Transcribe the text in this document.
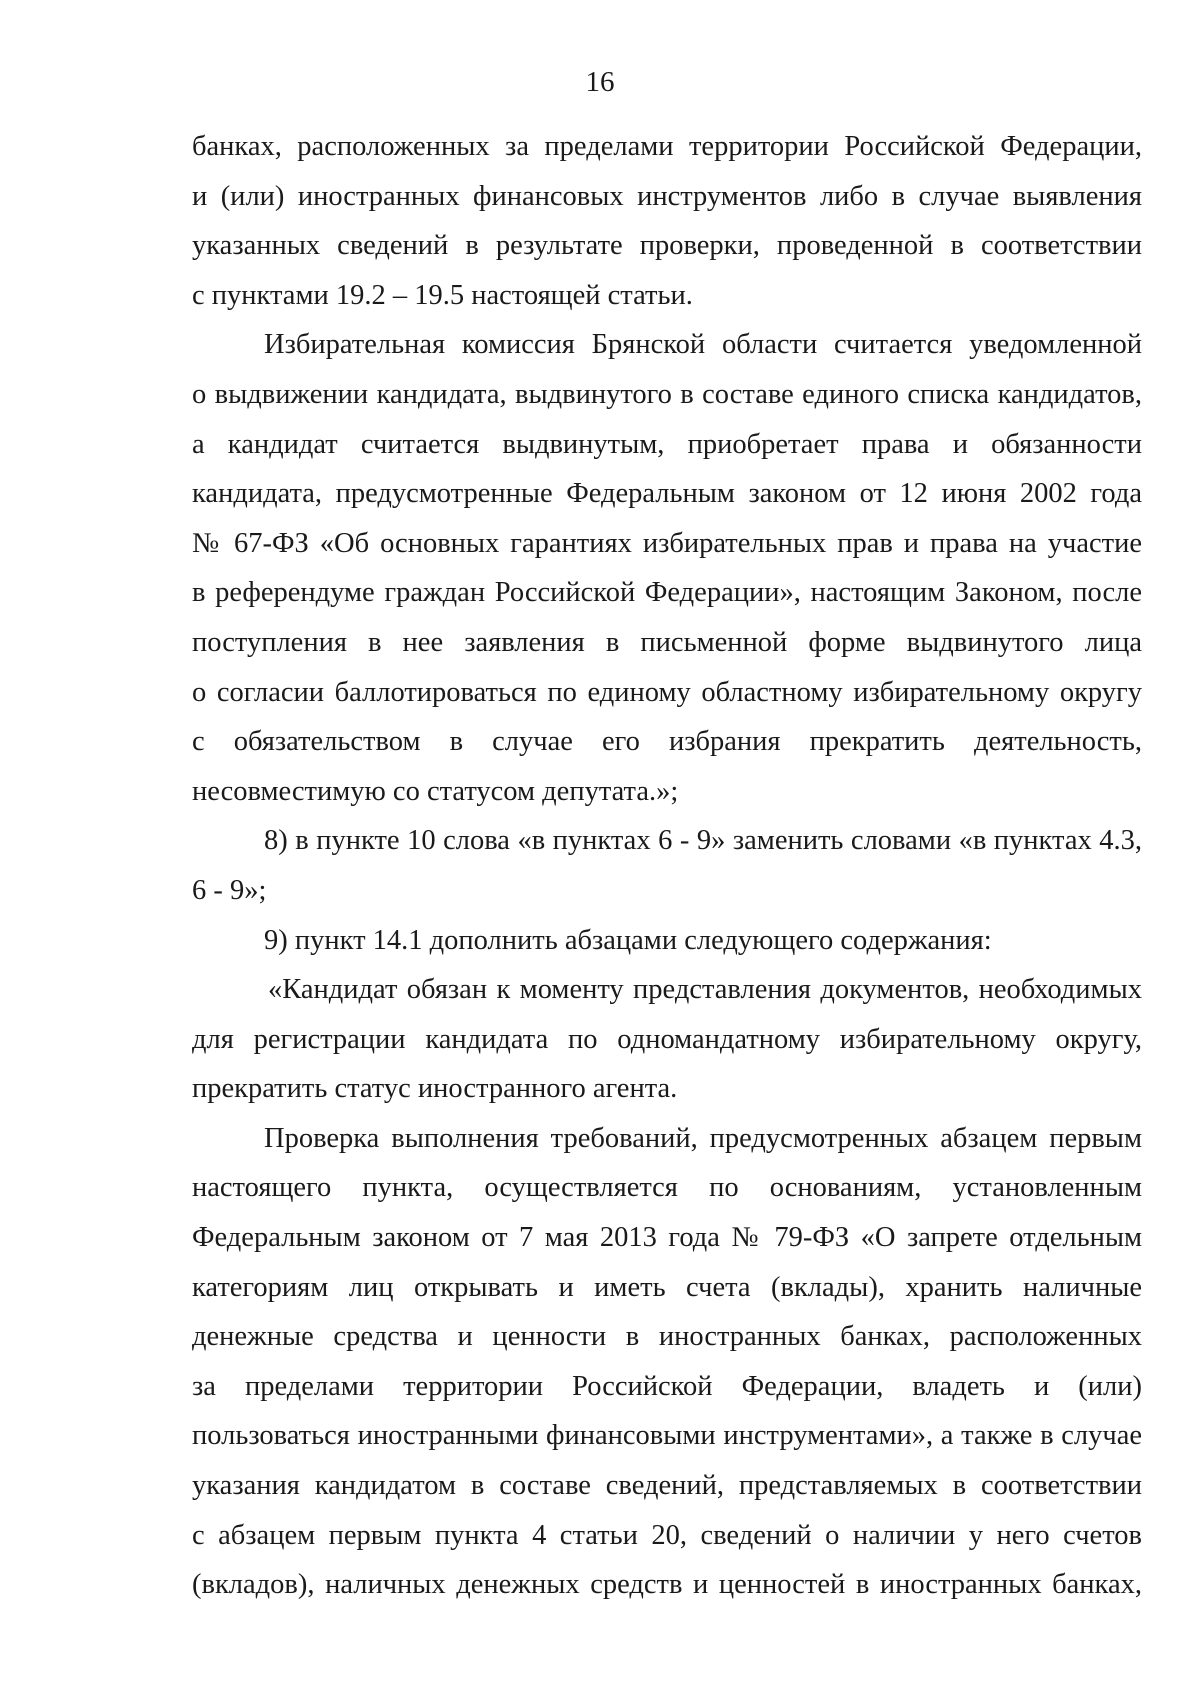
16
банках, расположенных за пределами территории Российской Федерации,
и (или) иностранных финансовых инструментов либо в случае выявления
указанных сведений в результате проверки, проведенной в соответствии
с пунктами 19.2 – 19.5 настоящей статьи.
Избирательная комиссия Брянской области считается уведомленной
о выдвижении кандидата, выдвинутого в составе единого списка кандидатов,
а кандидат считается выдвинутым, приобретает права и обязанности
кандидата, предусмотренные Федеральным законом от 12 июня 2002 года
№ 67-ФЗ «Об основных гарантиях избирательных прав и права на участие
в референдуме граждан Российской Федерации», настоящим Законом, после
поступления в нее заявления в письменной форме выдвинутого лица
о согласии баллотироваться по единому областному избирательному округу
с обязательством в случае его избрания прекратить деятельность,
несовместимую со статусом депутата.»;
8) в пункте 10 слова «в пунктах 6 - 9» заменить словами «в пунктах 4.3,
6 - 9»;
9) пункт 14.1 дополнить абзацами следующего содержания:
«Кандидат обязан к моменту представления документов, необходимых
для регистрации кандидата по одномандатному избирательному округу,
прекратить статус иностранного агента.
Проверка выполнения требований, предусмотренных абзацем первым
настоящего пункта, осуществляется по основаниям, установленным
Федеральным законом от 7 мая 2013 года № 79-ФЗ «О запрете отдельным
категориям лиц открывать и иметь счета (вклады), хранить наличные
денежные средства и ценности в иностранных банках, расположенных
за пределами территории Российской Федерации, владеть и (или)
пользоваться иностранными финансовыми инструментами», а также в случае
указания кандидатом в составе сведений, представляемых в соответствии
с абзацем первым пункта 4 статьи 20, сведений о наличии у него счетов
(вкладов), наличных денежных средств и ценностей в иностранных банках,
